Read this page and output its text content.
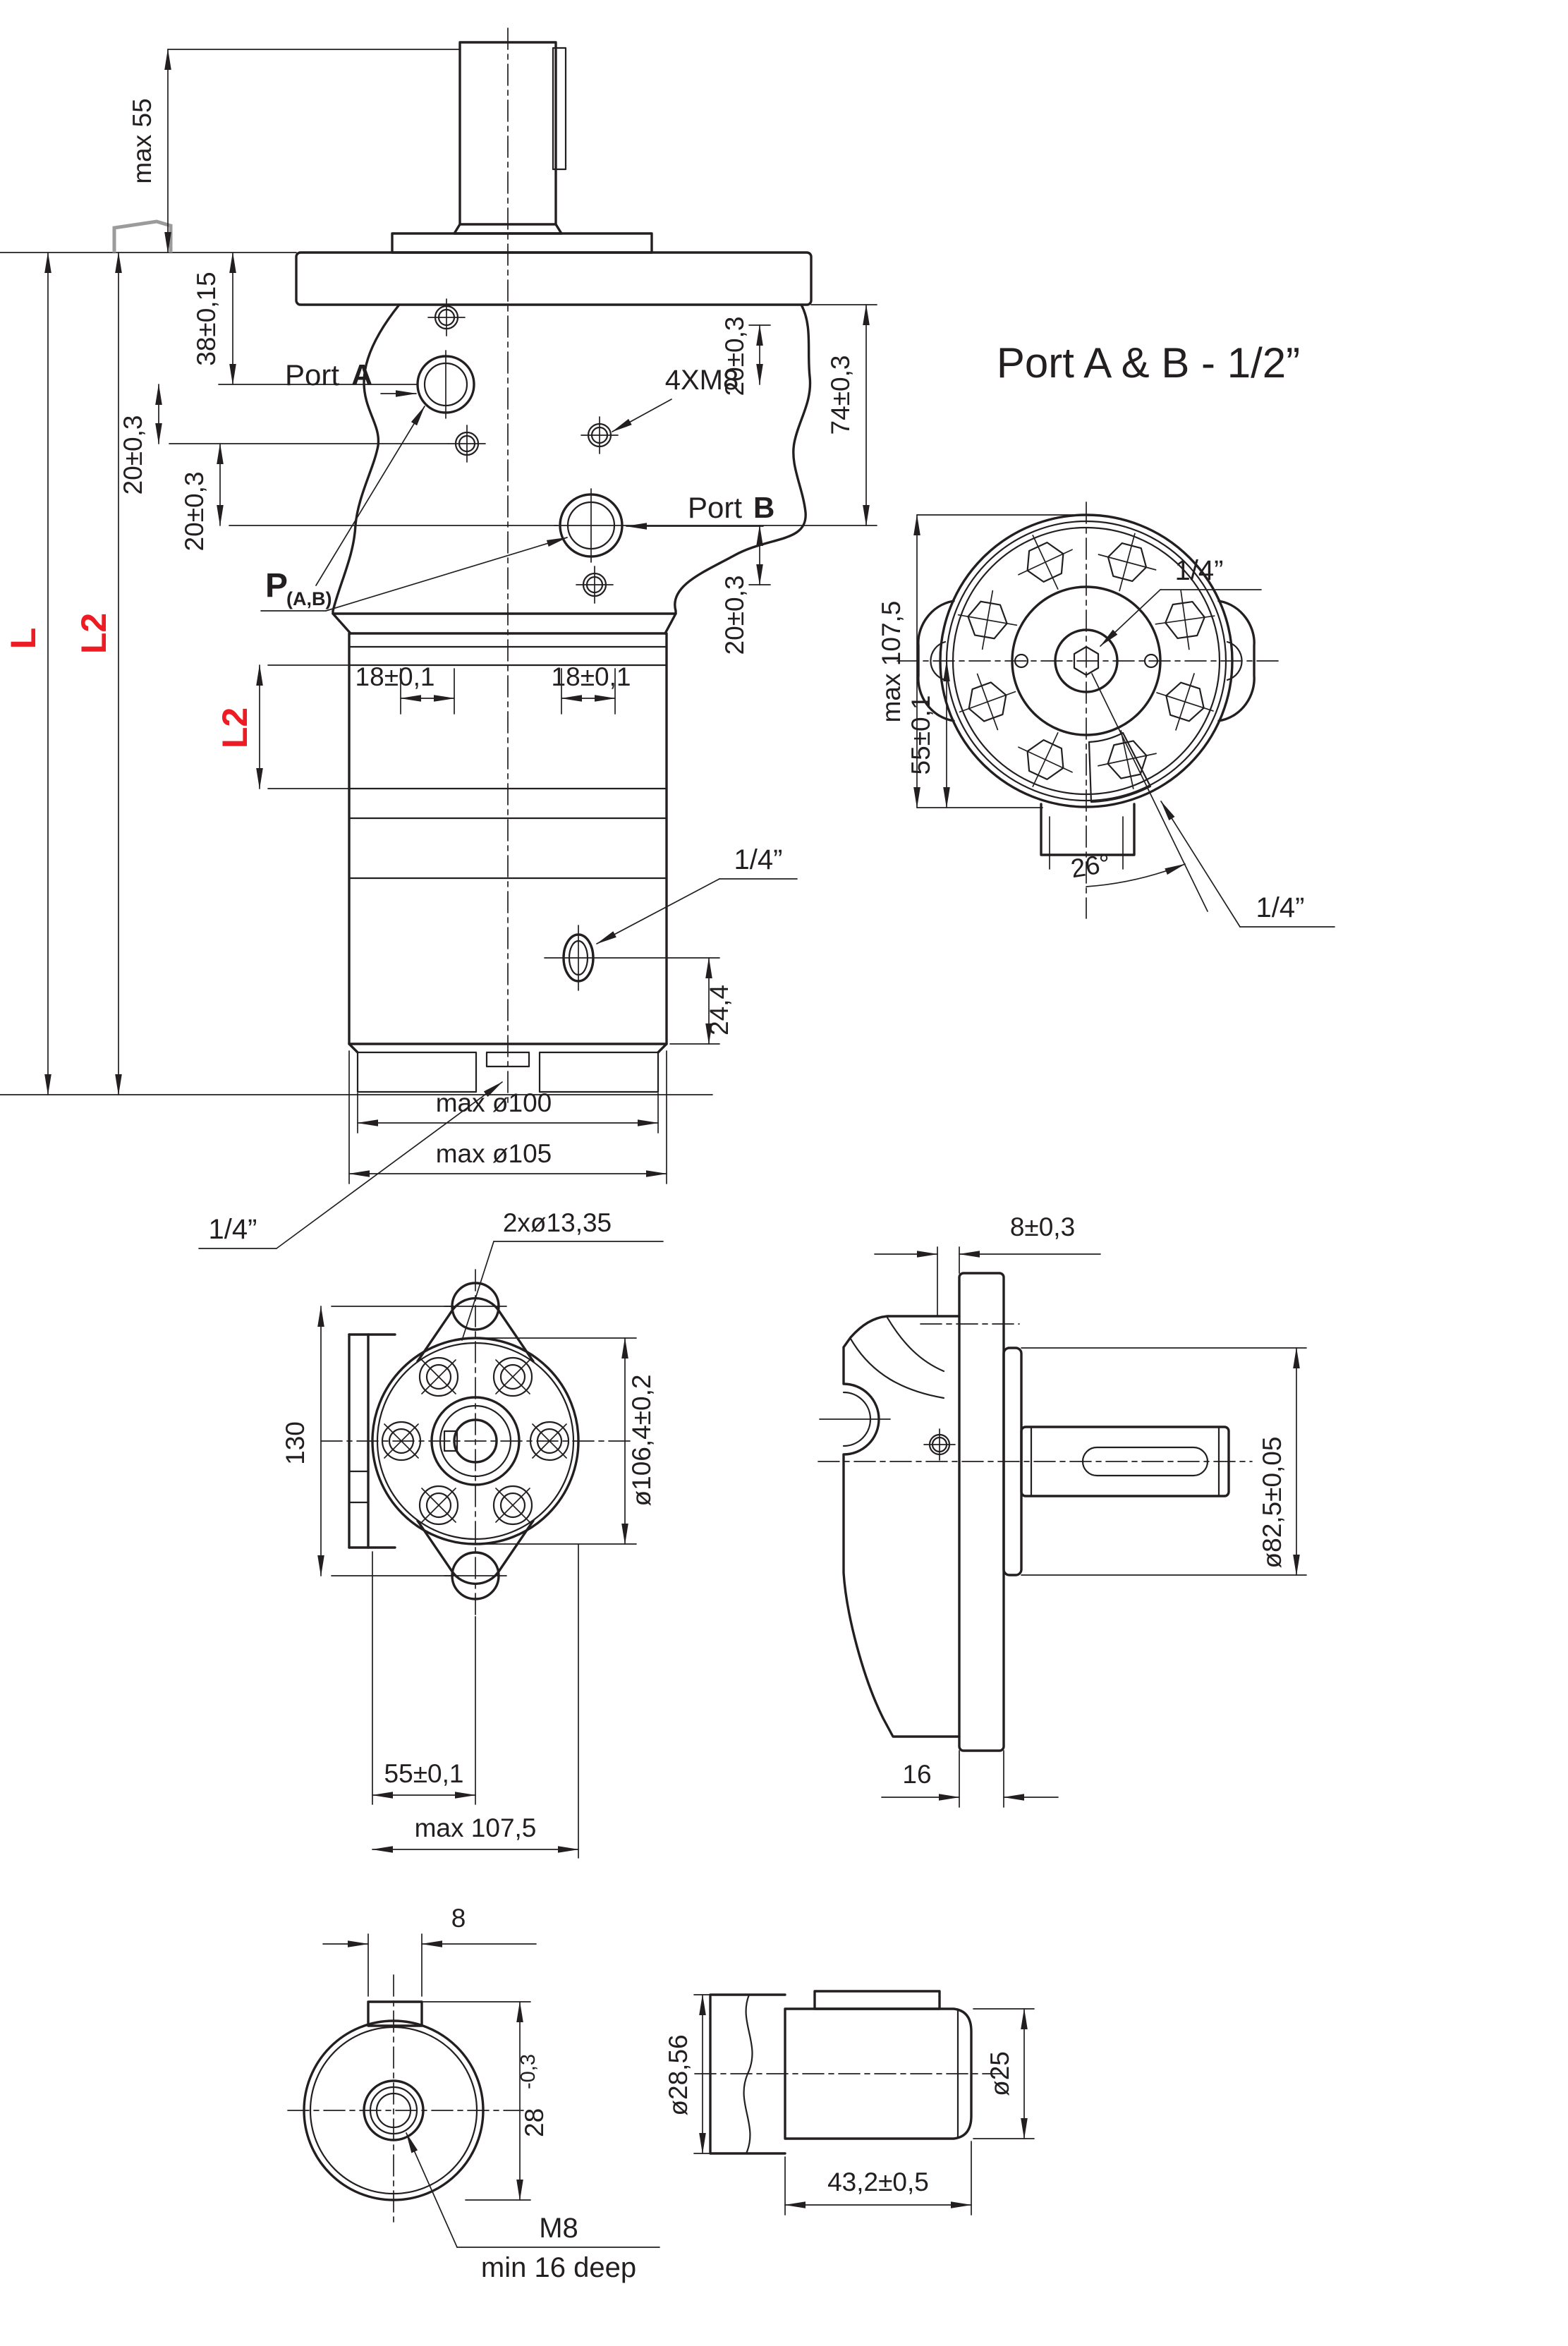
max 55
L L2
38±0,15
20±0,3
20±0,3
Port A	4XM8
Port B
20±0,3	74±0,3
20±0,3
P
(A,B)
L2
18±0,1	18±0,1
1/4”
24,4
max ø100
max ø105
1/4”
Port A & B - 1/2”
26°
max 107,5
55±0,1
1/4”
1/4”
2xø13,35
130	ø106,4±0,2
55±0,1
max 107,5
8±0,3
ø82,5±0,05
16
8
28
-0,3
M8
min 16 deep
ø28,56	ø25
43,2±0,5
